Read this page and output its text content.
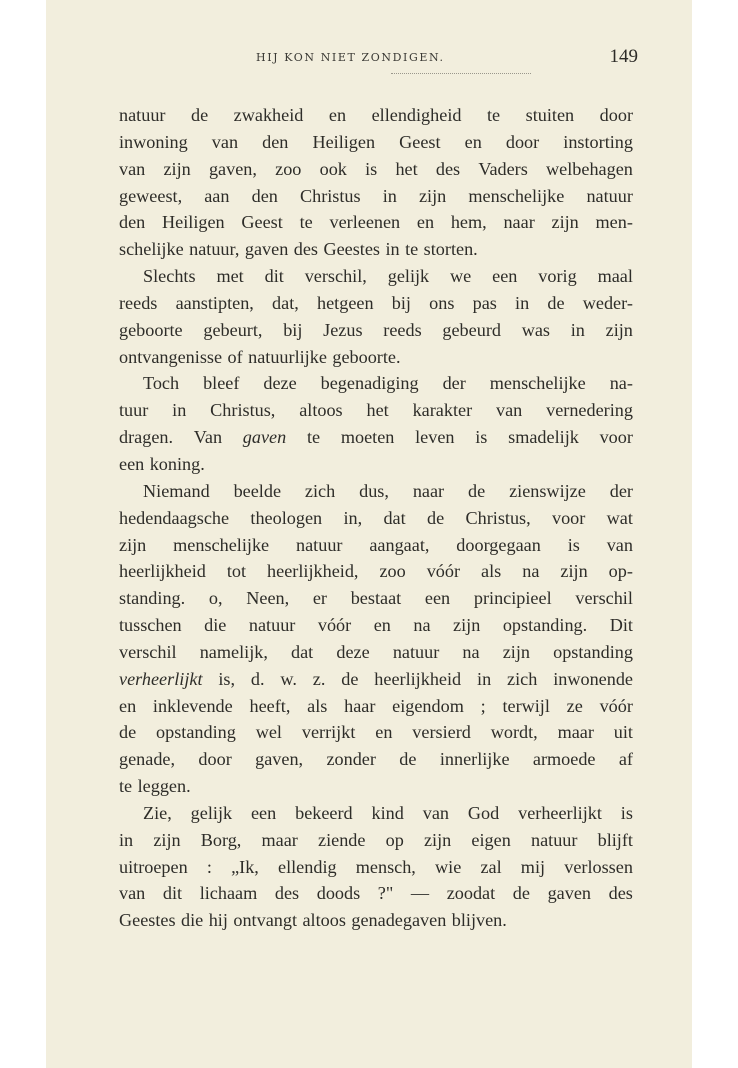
HIJ KON NIET ZONDIGEN.	149
natuur de zwakheid en ellendigheid te stuiten door
inwoning van den Heiligen Geest en door instorting
van zijn gaven, zoo ook is het des Vaders welbehagen
geweest, aan den Christus in zijn menschelijke natuur
den Heiligen Geest te verleenen en hem, naar zijn men-
schelijke natuur, gaven des Geestes in te storten.
Slechts met dit verschil, gelijk we een vorig maal
reeds aanstipten, dat, hetgeen bij ons pas in de weder-
geboorte gebeurt, bij Jezus reeds gebeurd was in zijn
ontvangenisse of natuurlijke geboorte.
Toch bleef deze begenadiging der menschelijke na-
tuur in Christus, altoos het karakter van vernedering
dragen. Van gaven te moeten leven is smadelijk voor
een koning.
Niemand beelde zich dus, naar de zienswijze der
hedendaagsche theologen in, dat de Christus, voor wat
zijn menschelijke natuur aangaat, doorgegaan is van
heerlijkheid tot heerlijkheid, zoo vóór als na zijn op-
standing. o, Neen, er bestaat een principieel verschil
tusschen die natuur vóór en na zijn opstanding. Dit
verschil namelijk, dat deze natuur na zijn opstanding
verheerlijkt is, d. w. z. de heerlijkheid in zich inwonende
en inklevende heeft, als haar eigendom ; terwijl ze vóór
de opstanding wel verrijkt en versierd wordt, maar uit
genade, door gaven, zonder de innerlijke armoede af
te leggen.
Zie, gelijk een bekeerd kind van God verheerlijkt is
in zijn Borg, maar ziende op zijn eigen natuur blijft
uitroepen : „Ik, ellendig mensch, wie zal mij verlossen
van dit lichaam des doods ?" — zoodat de gaven des
Geestes die hij ontvangt altoos genadegaven blijven.
